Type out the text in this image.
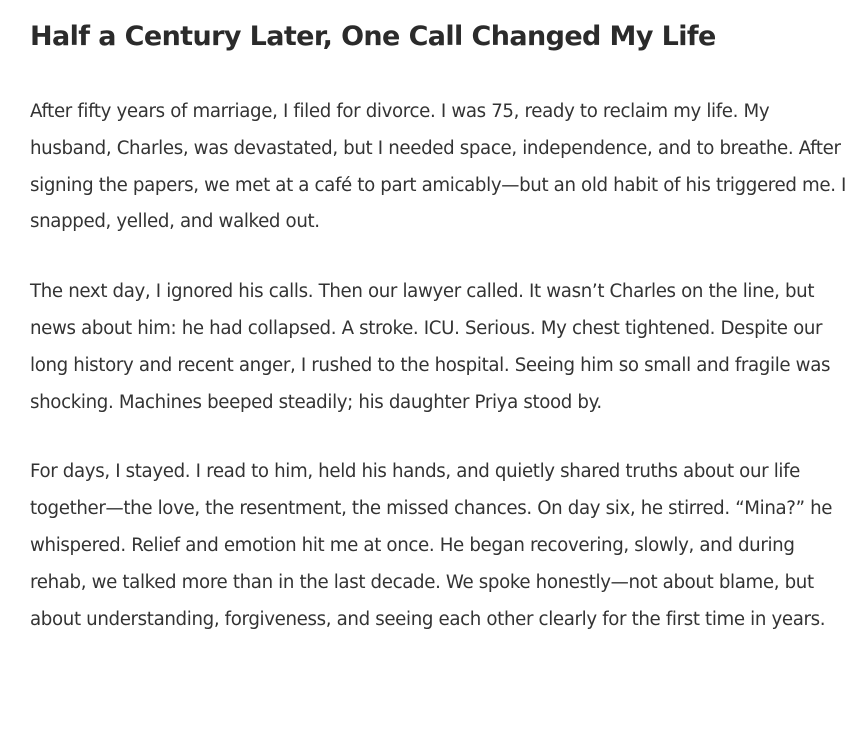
Half a Century Later, One Call Changed My Life

After fifty years of marriage, I filed for divorce. I was 75, ready to reclaim my life. My husband, Charles, was devastated, but I needed space, independence, and to breathe. After signing the papers, we met at a café to part amicably—but an old habit of his triggered me. I snapped, yelled, and walked out.

The next day, I ignored his calls. Then our lawyer called. It wasn’t Charles on the line, but news about him: he had collapsed. A stroke. ICU. Serious. My chest tightened. Despite our long history and recent anger, I rushed to the hospital. Seeing him so small and fragile was shocking. Machines beeped steadily; his daughter Priya stood by.

For days, I stayed. I read to him, held his hands, and quietly shared truths about our life together—the love, the resentment, the missed chances. On day six, he stirred. “Mina?” he whispered. Relief and emotion hit me at once. He began recovering, slowly, and during rehab, we talked more than in the last decade. We spoke honestly—not about blame, but about understanding, forgiveness, and seeing each other clearly for the first time in years.
